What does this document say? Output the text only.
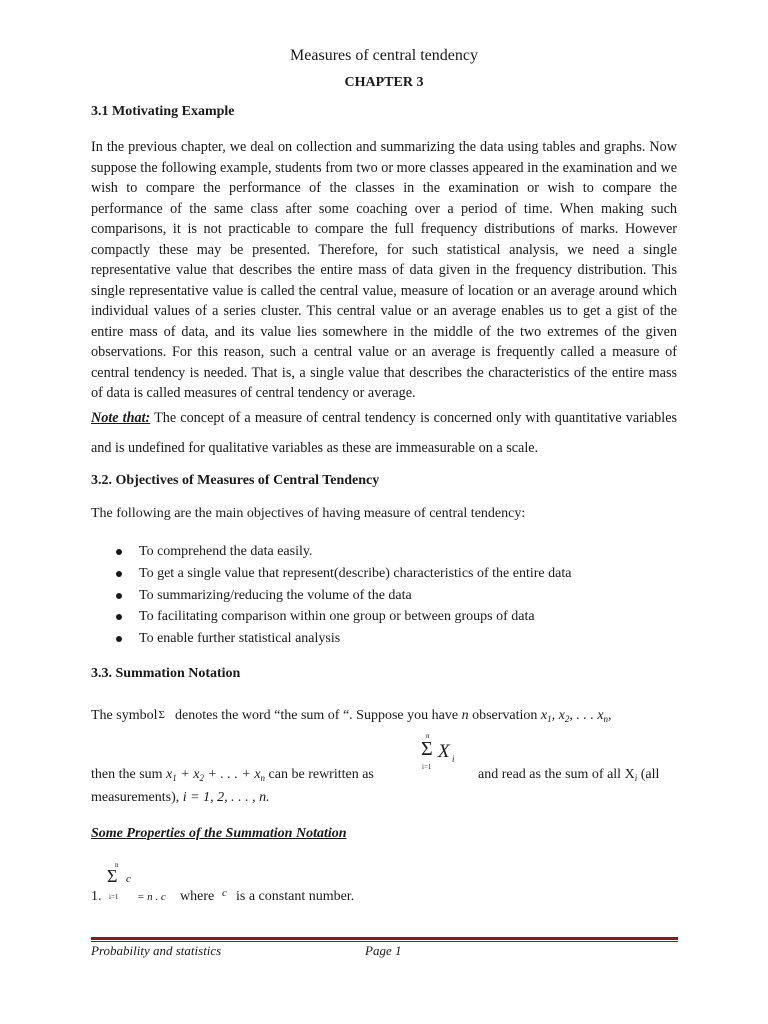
Measures of central tendency
CHAPTER 3
3.1 Motivating Example

In the previous chapter, we deal on collection and summarizing the data using tables and graphs. Now suppose the following example, students from two or more classes appeared in the examination and we wish to compare the performance of the classes in the examination or wish to compare the performance of the same class after some coaching over a period of time. When making such comparisons, it is not practicable to compare the full frequency distributions of marks. However compactly these may be presented. Therefore, for such statistical analysis, we need a single representative value that describes the entire mass of data given in the frequency distribution. This single representative value is called the central value, measure of location or an average around which individual values of a series cluster. This central value or an average enables us to get a gist of the entire mass of data, and its value lies somewhere in the middle of the two extremes of the given observations. For this reason, such a central value or an average is frequently called a measure of central tendency is needed. That is, a single value that describes the characteristics of the entire mass of data is called measures of central tendency or average.

Note that: The concept of a measure of central tendency is concerned only with quantitative variables and is undefined for qualitative variables as these are immeasurable on a scale.

3.2. Objectives of Measures of Central Tendency
The following are the main objectives of having measure of central tendency:
To comprehend the data easily.
To get a single value that represent(describe) characteristics of the entire data
To summarizing/reducing the volume of the data
To facilitating comparison within one group or between groups of data
To enable further statistical analysis
3.3. Summation Notation
The symbol Σ denotes the word “the sum of “. Suppose you have n observation $x_1$, $x_2$, . . . $x_n$,
n
Σ X i
i=1
then the sum $x_1 + x_2$ + . . . + $x_n$ can be rewritten as	and read as the sum of all $X_i$ (all
measurements), i = 1, 2, . . . , n.
Some Properties of the Summation Notation
n
Σ c
1. i=1 = n . c where c is a constant number.
Probability and statistics	Page 1
